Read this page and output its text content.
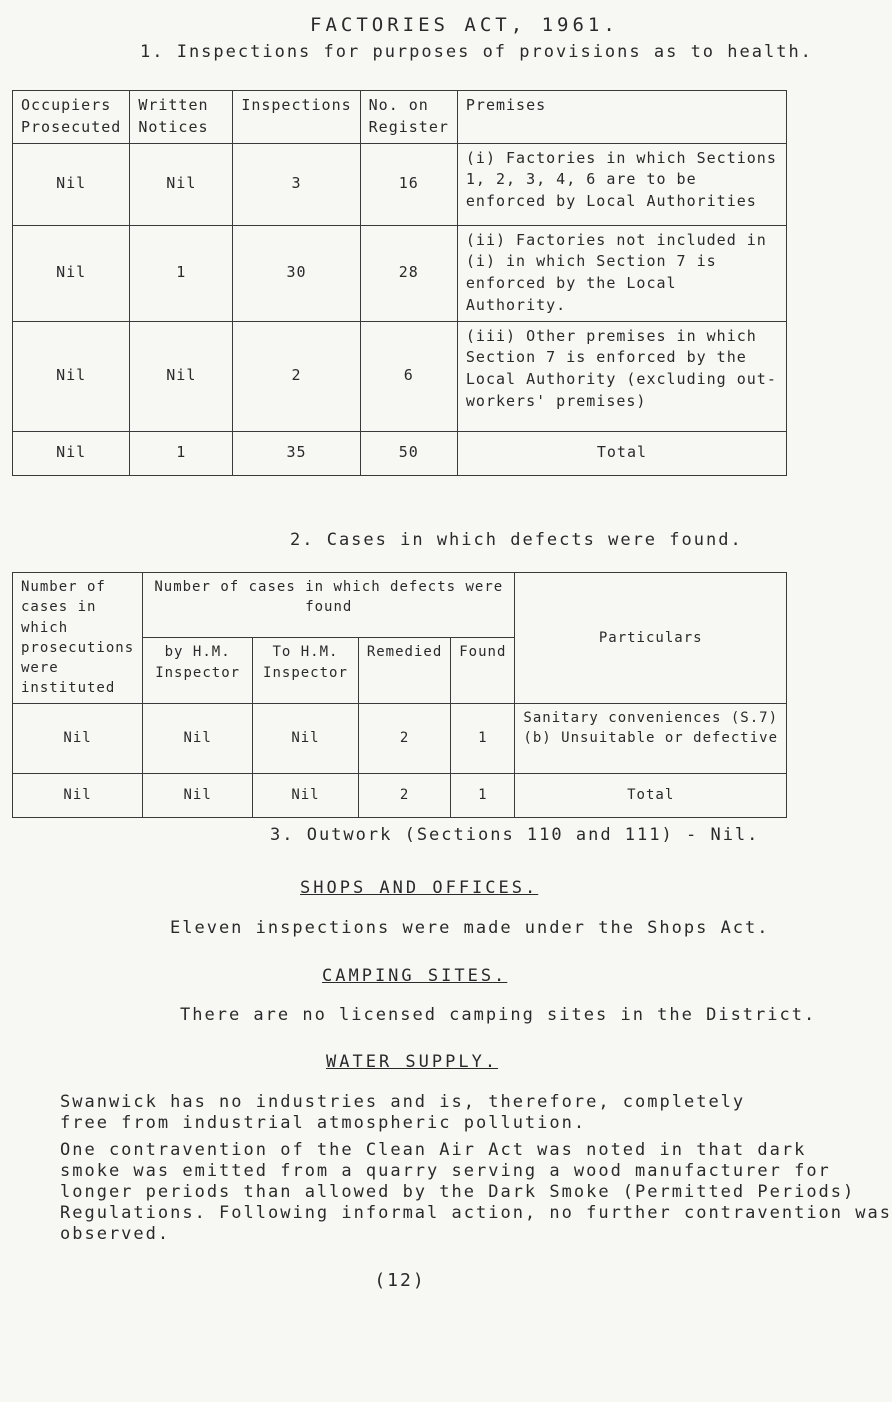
FACTORIES ACT, 1961.
1. Inspections for purposes of provisions as to health.
Occupiers Prosecuted	Written Notices	Inspections	No. on Register	Premises
Nil	Nil	3	16	(i) Factories in which Sections 1, 2, 3, 4, 6 are to be enforced by Local Authorities
Nil	1	30	28	(ii) Factories not included in (i) in which Section 7 is enforced by the Local Authority.
Nil	Nil	2	6	(iii) Other premises in which Section 7 is enforced by the Local Authority (excluding out-workers' premises)
Nil	1	35	50	Total
2. Cases in which defects were found.
Number of cases in which prosecutions were instituted	Number of cases in which defects were found				Particulars
	by H.M. Inspector	To H.M. Inspector	Remedied	Found	
Nil	Nil	Nil	2	1	Sanitary conveniences (S.7)
(b) Unsuitable or defective
Nil	Nil	Nil	2	1	Total
3. Outwork (Sections 110 and 111) - Nil.
SHOPS AND OFFICES.
Eleven inspections were made under the Shops Act.
CAMPING SITES.
There are no licensed camping sites in the District.
WATER SUPPLY.
Swanwick has no industries and is, therefore, completely
free from industrial atmospheric pollution.
One contravention of the Clean Air Act was noted in that dark
smoke was emitted from a quarry serving a wood manufacturer for
longer periods than allowed by the Dark Smoke (Permitted Periods)
Regulations. Following informal action, no further contravention was
observed.
(12)
